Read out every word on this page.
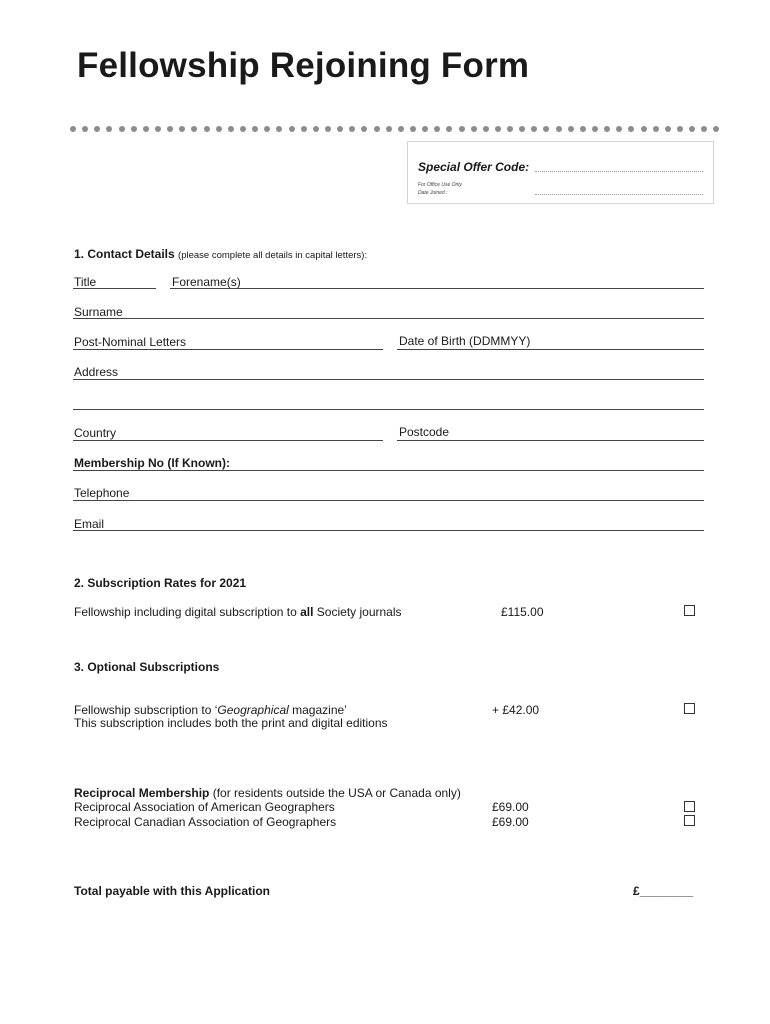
Fellowship Rejoining Form
Special Offer Code:
For Office Use Only
Date Joined :
1. Contact Details (please complete all details in capital letters):
Title	Forename(s)
Surname
Post-Nominal Letters	Date of Birth (DDMMYY)
Address
Country	Postcode
Membership No (If Known):
Telephone
Email
2. Subscription Rates for 2021
Fellowship including digital subscription to all Society journals	£115.00
3. Optional Subscriptions
Fellowship subscription to ‘Geographical magazine’
This subscription includes both the print and digital editions
+ £42.00
Reciprocal Membership (for residents outside the USA or Canada only)
Reciprocal Association of American Geographers	£69.00
Reciprocal Canadian Association of Geographers	£69.00
Total payable with this Application	£________
